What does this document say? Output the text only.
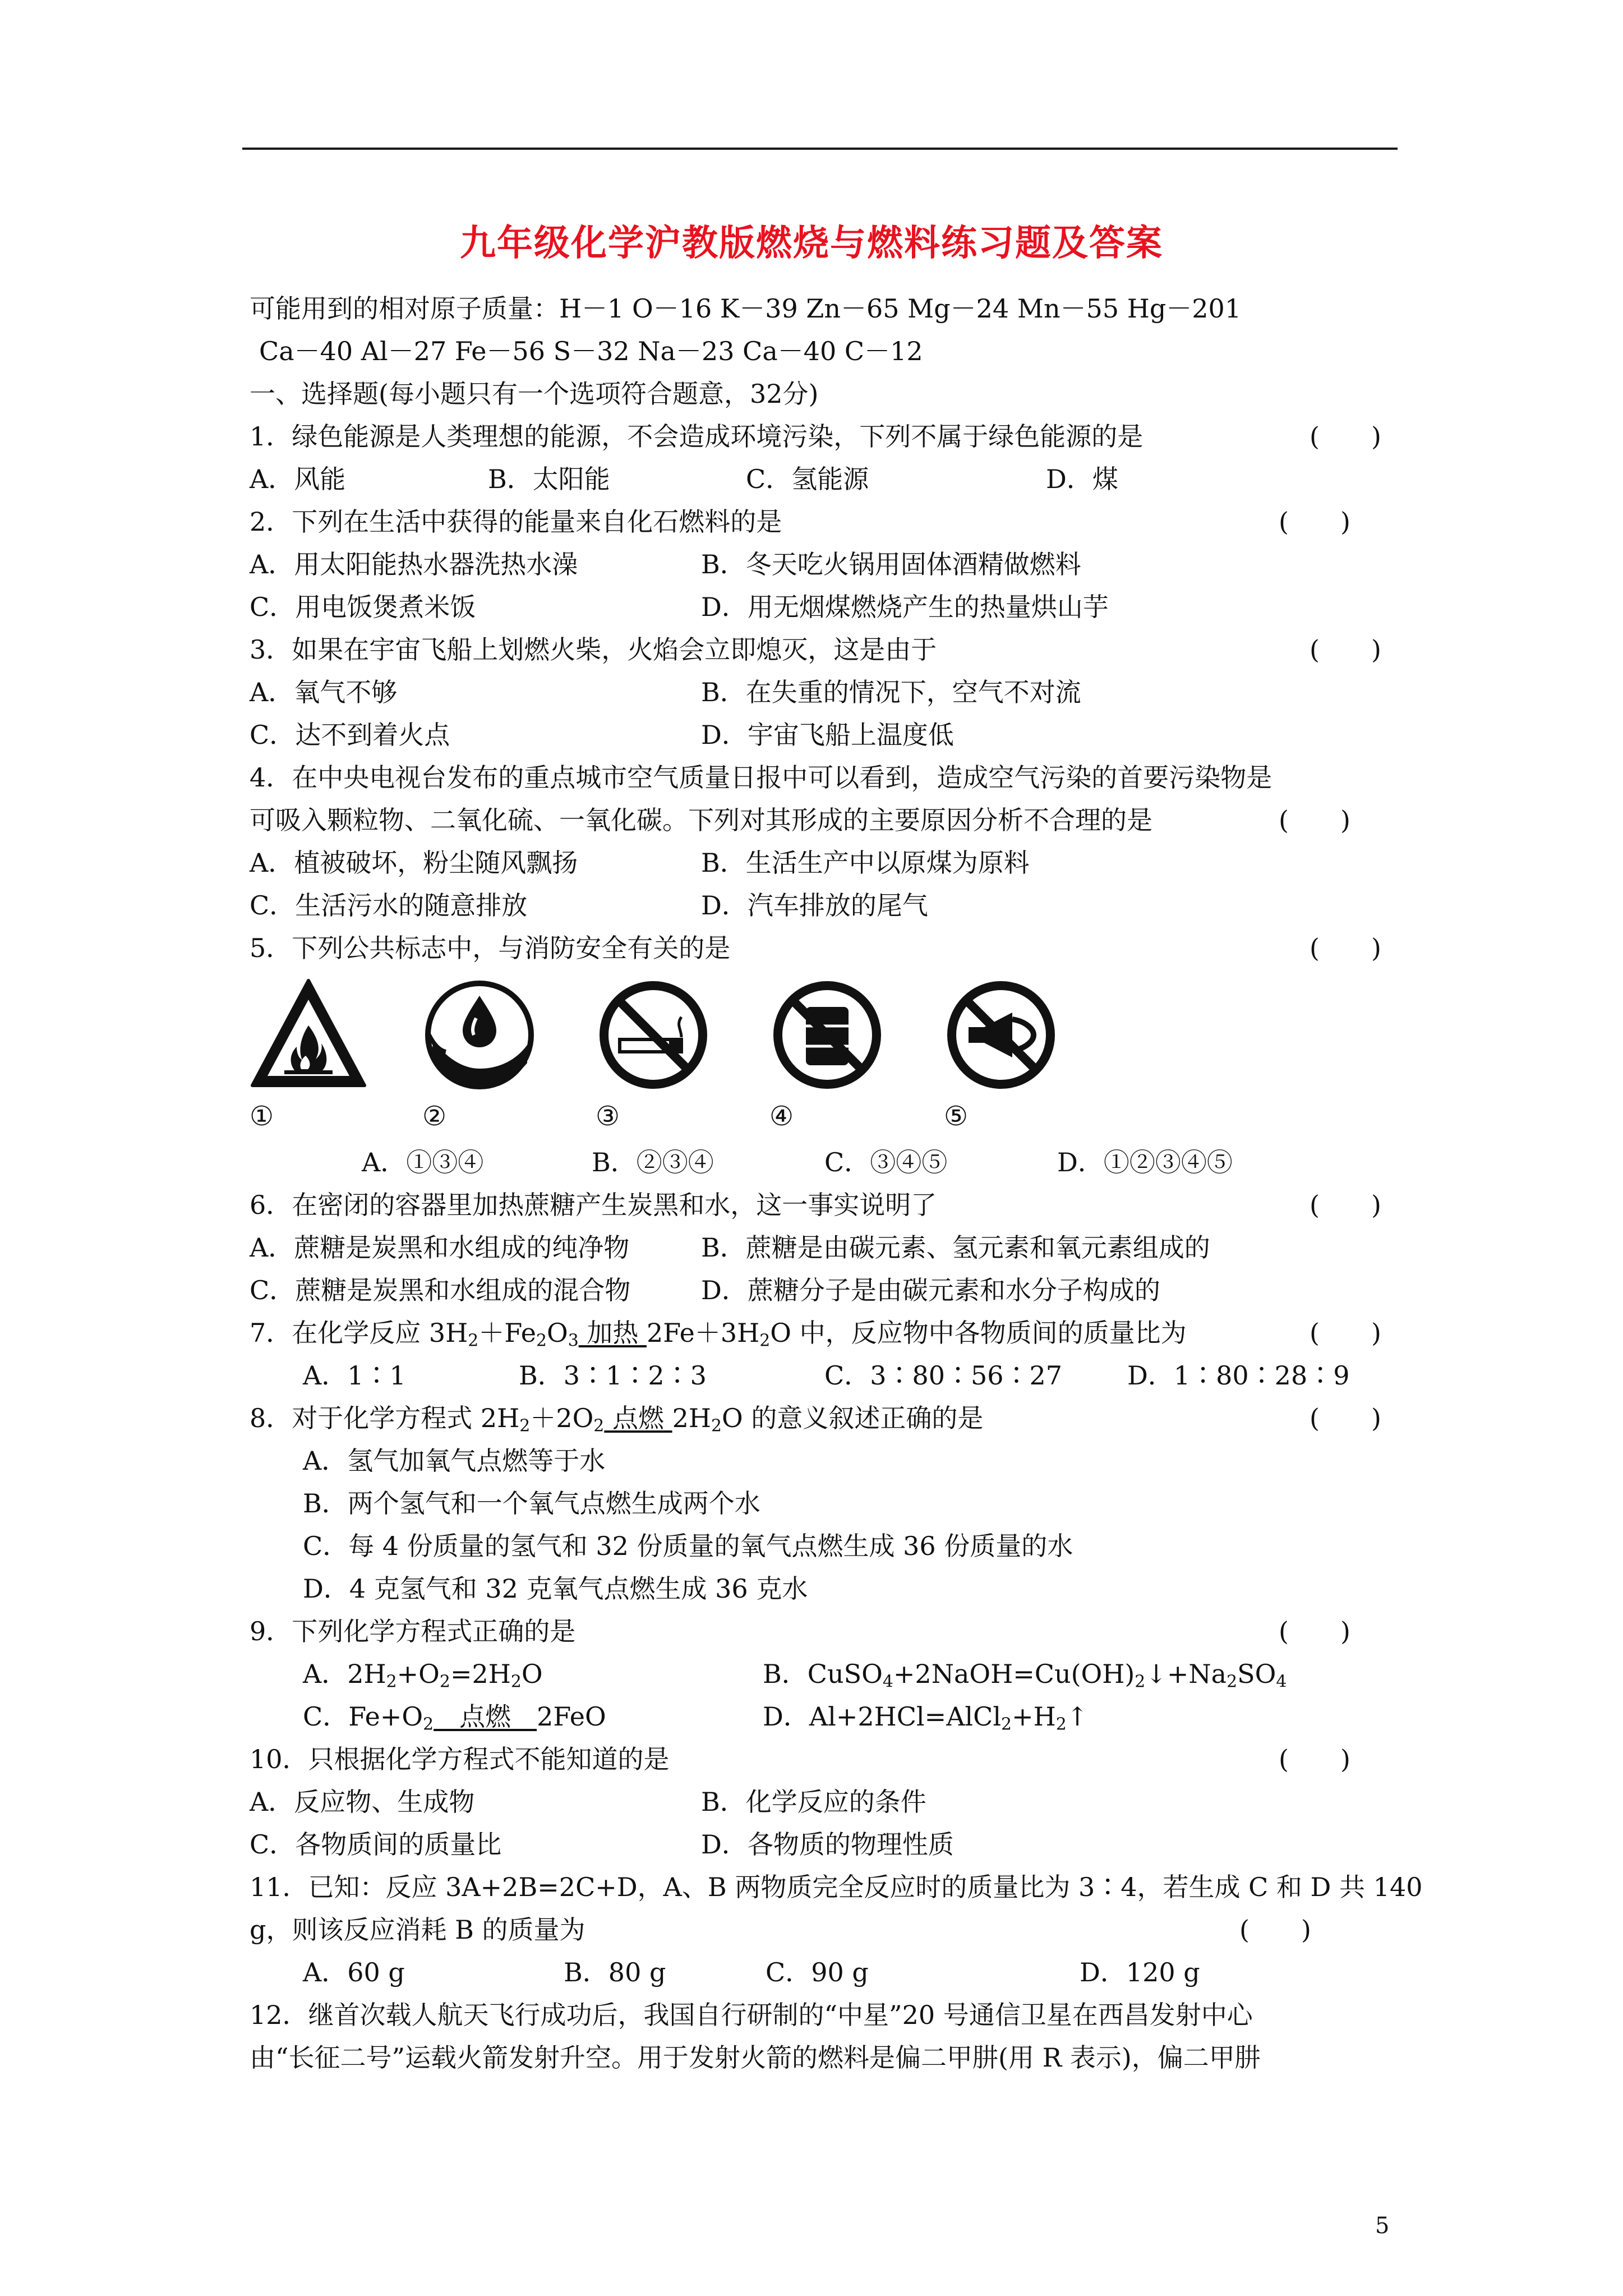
九年级化学沪教版燃烧与燃料练习题及答案
可能用到的相对原子质量：H－1 O－16 K－39 Zn－65 Mg－24 Mn－55 Hg－201
Ca－40 Al－27 Fe－56 S－32 Na－23 Ca－40 C－12
一、选择题(每小题只有一个选项符合题意，32分)
1．绿色能源是人类理想的能源，不会造成环境污染，下列不属于绿色能源的是	(　　)
A．风能	B．太阳能	C．氢能源	D．煤
2．下列在生活中获得的能量来自化石燃料的是	(　　)
A．用太阳能热水器洗热水澡	B．冬天吃火锅用固体酒精做燃料
C．用电饭煲煮米饭	D．用无烟煤燃烧产生的热量烘山芋
3．如果在宇宙飞船上划燃火柴，火焰会立即熄灭，这是由于	(　　)
A．氧气不够	B．在失重的情况下，空气不对流
C．达不到着火点	D．宇宙飞船上温度低
4．在中央电视台发布的重点城市空气质量日报中可以看到，造成空气污染的首要污染物是
可吸入颗粒物、二氧化硫、一氧化碳。下列对其形成的主要原因分析不合理的是	(　　)
A．植被破坏，粉尘随风飘扬	B．生活生产中以原煤为原料
C．生活污水的随意排放	D．汽车排放的尾气
5．下列公共标志中，与消防安全有关的是	(　　)
①	②	③	④	⑤
A．①③④	B．②③④	C．③④⑤	D．①②③④⑤
6．在密闭的容器里加热蔗糖产生炭黑和水，这一事实说明了	(　　)
A．蔗糖是炭黑和水组成的纯净物	B．蔗糖是由碳元素、氢元素和氧元素组成的
C．蔗糖是炭黑和水组成的混合物	D．蔗糖分子是由碳元素和水分子构成的
7．在化学反应 $3H_2+Fe_2O_3$ 加热 $2Fe+3H_2O$ 中，反应物中各物质间的质量比为	(　　)
A．1∶1	B．3∶1∶2∶3	C．3∶80∶56∶27	D．1∶80∶28∶9
8．对于化学方程式 $2H_2+2O_2$ 点燃 $2H_2O$ 的意义叙述正确的是	(　　)
A．氢气加氧气点燃等于水
B．两个氢气和一个氧气点燃生成两个水
C．每 4 份质量的氢气和 32 份质量的氧气点燃生成 36 份质量的水
D．4 克氢气和 32 克氧气点燃生成 36 克水
9．下列化学方程式正确的是	(　　)
A．$2H_2+O_2=2H_2O$	B．$CuSO_4+2NaOH=Cu(OH)_2↓+Na_2SO_4$
C．$Fe+O_2$　点燃　2FeO	D．$Al+2HCl=AlCl_2+H_2↑$
10．只根据化学方程式不能知道的是	(　　)
A．反应物、生成物	B．化学反应的条件
C．各物质间的质量比	D．各物质的物理性质
11．已知：反应 3A+2B=2C+D，A、B 两物质完全反应时的质量比为 3∶4，若生成 C 和 D 共 140
g，则该反应消耗 B 的质量为	(　　)
A．60 g	B．80 g	C．90 g	D．120 g
12．继首次载人航天飞行成功后，我国自行研制的“中星”20 号通信卫星在西昌发射中心
由“长征二号”运载火箭发射升空。用于发射火箭的燃料是偏二甲肼(用 R 表示)，偏二甲肼
5
